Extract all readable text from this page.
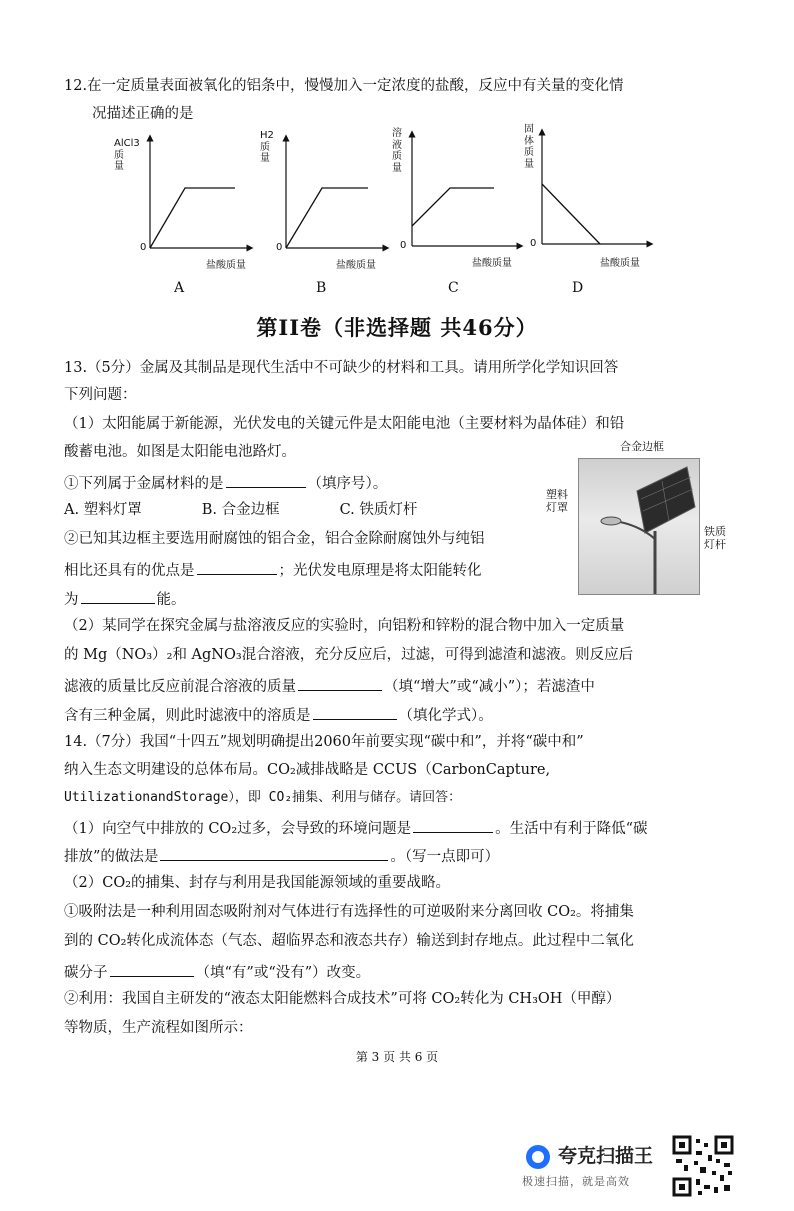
12.在一定质量表面被氧化的铝条中，慢慢加入一定浓度的盐酸，反应中有关量的变化情
况描述正确的是
AlCl3
质
量
0
盐酸质量
A
H2
质
量
0
盐酸质量
B
溶
液
质
量
0
盐酸质量
C
固
体
质
量
0
盐酸质量
D
第II卷（非选择题 共46分）
13.（5分）金属及其制品是现代生活中不可缺少的材料和工具。请用所学化学知识回答
下列问题：
（1）太阳能属于新能源，光伏发电的关键元件是太阳能电池（主要材料为晶体硅）和铅
酸蓄电池。如图是太阳能电池路灯。
①下列属于金属材料的是	（填序号）。
A. 塑料灯罩	B. 合金边框	C. 铁质灯杆
②已知其边框主要选用耐腐蚀的铝合金，铝合金除耐腐蚀外与纯铝
相比还具有的优点是	；光伏发电原理是将太阳能转化
为	能。
合金边框
塑料
灯罩
铁质
灯杆
（2）某同学在探究金属与盐溶液反应的实验时，向铝粉和锌粉的混合物中加入一定质量
的 Mg（NO₃）₂和 AgNO₃混合溶液，充分反应后，过滤，可得到滤渣和滤液。则反应后
滤液的质量比反应前混合溶液的质量	（填“增大”或“减小”）；若滤渣中
含有三种金属，则此时滤液中的溶质是	（填化学式）。
14.（7分）我国“十四五”规划明确提出2060年前要实现“碳中和”，并将“碳中和”
纳入生态文明建设的总体布局。CO₂减排战略是 CCUS（CarbonCapture,
UtilizationandStorage），即 CO₂捕集、利用与储存。请回答：
（1）向空气中排放的 CO₂过多，会导致的环境问题是	。生活中有利于降低“碳
排放”的做法是	。（写一点即可）
（2）CO₂的捕集、封存与利用是我国能源领域的重要战略。
①吸附法是一种利用固态吸附剂对气体进行有选择性的可逆吸附来分离回收 CO₂。将捕集
到的 CO₂转化成流体态（气态、超临界态和液态共存）输送到封存地点。此过程中二氧化
碳分子	（填“有”或“没有”）改变。
②利用：我国自主研发的“液态太阳能燃料合成技术”可将 CO₂转化为 CH₃OH（甲醇）
等物质，生产流程如图所示：
第 3 页 共 6 页
夸克扫描王
极速扫描，就是高效
